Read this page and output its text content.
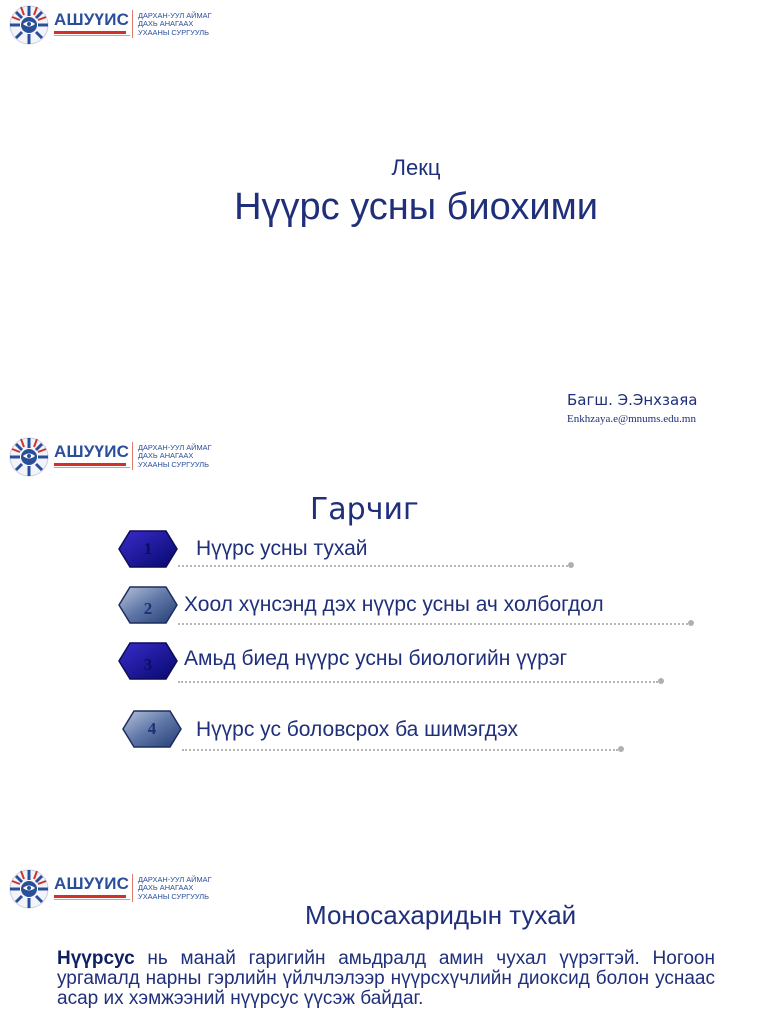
АШУҮИС ДАРХАН-УУЛ АЙМАГ
ДАХЬ АНАГААХ
УХААНЫ СУРГУУЛЬ
Лекц
Нүүрс усны биохими
Багш. Э.Энхзаяа
Enkhzaya.e@mnums.edu.mn
АШУҮИС ДАРХАН-УУЛ АЙМАГ
ДАХЬ АНАГААХ
УХААНЫ СУРГУУЛЬ
Гарчиг
1	Нүүрс усны тухай
2	Хоол хүнсэнд дэх нүүрс усны ач холбогдол
3	Амьд биед нүүрс усны биологийн үүрэг
4	Нүүрс ус боловсрох ба шимэгдэх
АШУҮИС ДАРХАН-УУЛ АЙМАГ
ДАХЬ АНАГААХ
УХААНЫ СУРГУУЛЬ
Моносахаридын тухай
Нүүрсус нь манай гаригийн амьдралд амин чухал үүрэгтэй. Ногоон ургамалд нарны гэрлийн үйлчлэлээр нүүрсхүчлийн диоксид болон уснаас асар их хэмжээний нүүрсус үүсэж байдаг.
